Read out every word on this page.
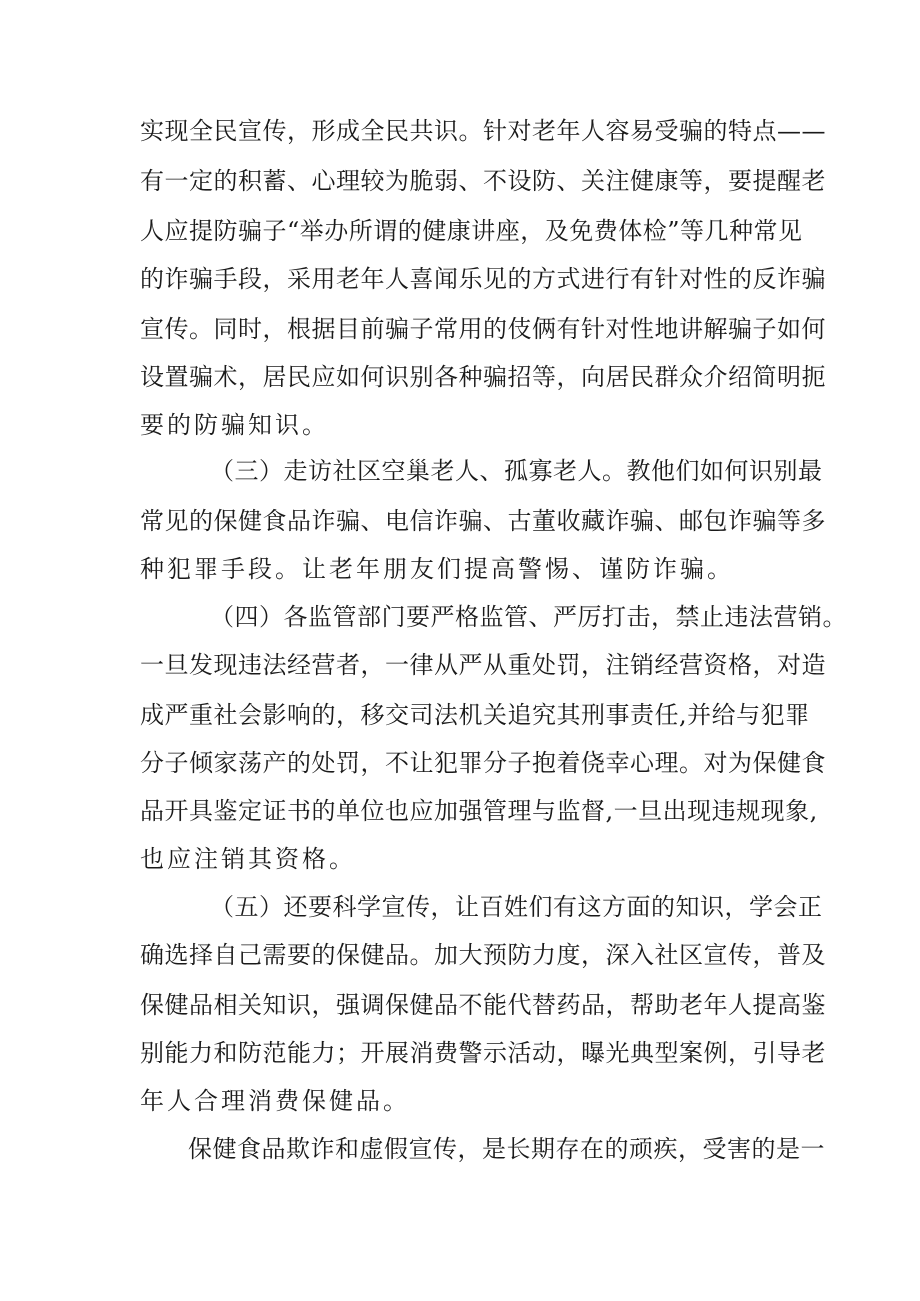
实现全民宣传，形成全民共识。针对老年人容易受骗的特点——
有一定的积蓄、心理较为脆弱、不设防、关注健康等，要提醒老
人应提防骗子“举办所谓的健康讲座，及免费体检”等几种常见
的诈骗手段，采用老年人喜闻乐见的方式进行有针对性的反诈骗
宣传。同时，根据目前骗子常用的伎俩有针对性地讲解骗子如何
设置骗术，居民应如何识别各种骗招等，向居民群众介绍简明扼
要的防骗知识。
（三）走访社区空巢老人、孤寡老人。教他们如何识别最
常见的保健食品诈骗、电信诈骗、古董收藏诈骗、邮包诈骗等多
种犯罪手段。让老年朋友们提高警惕、谨防诈骗。
（四）各监管部门要严格监管、严厉打击，禁止违法营销。
一旦发现违法经营者，一律从严从重处罚，注销经营资格，对造
成严重社会影响的，移交司法机关追究其刑事责任,并给与犯罪
分子倾家荡产的处罚，不让犯罪分子抱着侥幸心理。对为保健食
品开具鉴定证书的单位也应加强管理与监督,一旦出现违规现象,
也应注销其资格。
（五）还要科学宣传，让百姓们有这方面的知识，学会正
确选择自己需要的保健品。加大预防力度，深入社区宣传，普及
保健品相关知识，强调保健品不能代替药品，帮助老年人提高鉴
别能力和防范能力；开展消费警示活动，曝光典型案例，引导老
年人合理消费保健品。
保健食品欺诈和虚假宣传，是长期存在的顽疾，受害的是一
